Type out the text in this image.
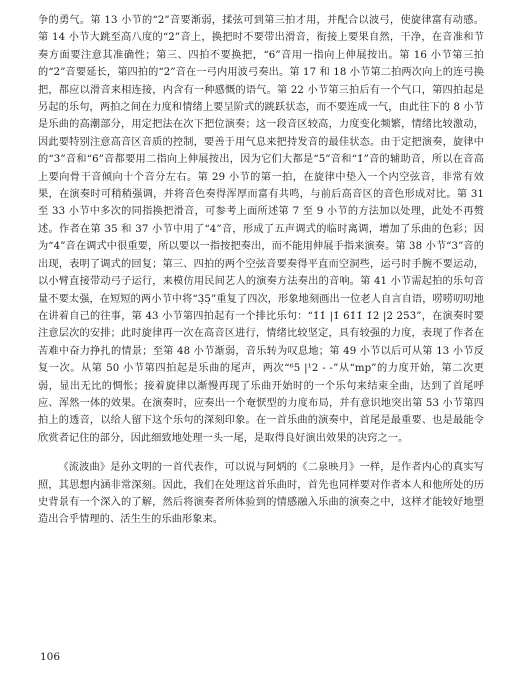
争的勇气。第 13 小节的“2”音要渐弱，揉弦可到第三拍才用，并配合以波弓，使旋律富有动感。第 14 小节大跳至高八度的“2̇”音上，换把时不要带出滑音，衔接上要果自然，干净，在音准和节奏方面要注意其准确性；第三、四拍不要换把，“6”音用一指向上伸展按出。第 16 小节第三拍的“2̇”音要延长，第四拍的“2̇”音在一弓内用波弓奏出。第 17 和 18 小节第二拍两次向上的连弓换把，都应以滑音来相连接，内含有一种感慨的语气。第 22 小节第三拍后有一个气口，第四拍起是另起的乐句，两拍之间在力度和情绪上要呈阶式的跳跃状态，而不要连成一气，由此往下的 8 小节是乐曲的高潮部分，用定把法在次下把位演奏；这一段音区较高，力度变化频繁，情绪比较激动，因此要特别注意高音区音质的控制，要善于用气息来把持发音的最佳状态。由于定把演奏，旋律中的“3̇”音和“6̇”音都要用二指向上伸展按出，因为它们大都是“5̇”音和“1̇”音的辅助音，所以在音高上要向骨干音倾向十个音分左右。第 29 小节的第一拍，在旋律中垫入一个内空弦音，非常有效果，在演奏时可稍稍强调，并将音色奏得浑厚而富有共鸣，与前后高音区的音色形成对比。第 31 至 33 小节中多次的同指换把滑音，可参考上面所述第 7 至 9 小节的方法加以处理，此处不再赘述。作者在第 35 和 37 小节中用了“4”音，形成了五声调式的临时离调，增加了乐曲的色彩；因为“4”音在调式中很重要，所以要以一指按把奏出，而不能用伸展手指来演奏。第 38 小节“3”音的出现，表明了调式的回复；第三、四拍的两个空弦音要奏得平直而空洞些，运弓时手腕不要运动，以小臂直接带动弓子运行，来模仿用民间艺人的演奏方法奏出的音响。第 41 小节需起拍的乐句音量不要太强，在短短的两小节中将“3̣5̣”重复了四次，形象地刻画出一位老人自言自语，唠唠叨叨地在讲着自己的往事，第 43 小节第四拍起有一个排比乐句：“1̇1̇ |1̇ 6̇1̇1̇ 1̇2̇ |2̇ 2̇5̇3̇”，在演奏时要注意层次的安排；此时旋律再一次在高音区进行，情绪比较坚定，具有较强的力度，表现了作者在苦难中奋力挣扎的情景；至第 48 小节渐弱，音乐转为叹息地；第 49 小节以后可从第 13 小节反复一次。从第 50 小节第四拍起是乐曲的尾声，两次“⁶5 |¹2 - -”从“mp”的力度开始，第二次更弱，显出无比的惆怅；接着旋律以渐慢再现了乐曲开始时的一个乐句来结束全曲，达到了首尾呼应、浑然一体的效果。在演奏时，应奏出一个奄恹型的力度布局，并有意识地突出第 53 小节第四拍上的透音，以给人留下这个乐句的深刻印象。在一首乐曲的演奏中，首尾是最重要、也是最能令欣赏者记住的部分，因此细致地处理一头一尾，是取得良好演出效果的决窍之一。

《流波曲》是孙文明的一首代表作，可以说与阿炳的《二泉映月》一样，是作者内心的真实写照，其思想内涵非常深刻。因此，我们在处理这首乐曲时，首先也同样要对作者本人和他所处的历史背景有一个深入的了解，然后将演奏者所体验到的情感融入乐曲的演奏之中，这样才能较好地塑造出合乎情理的、活生生的乐曲形象来。

106
